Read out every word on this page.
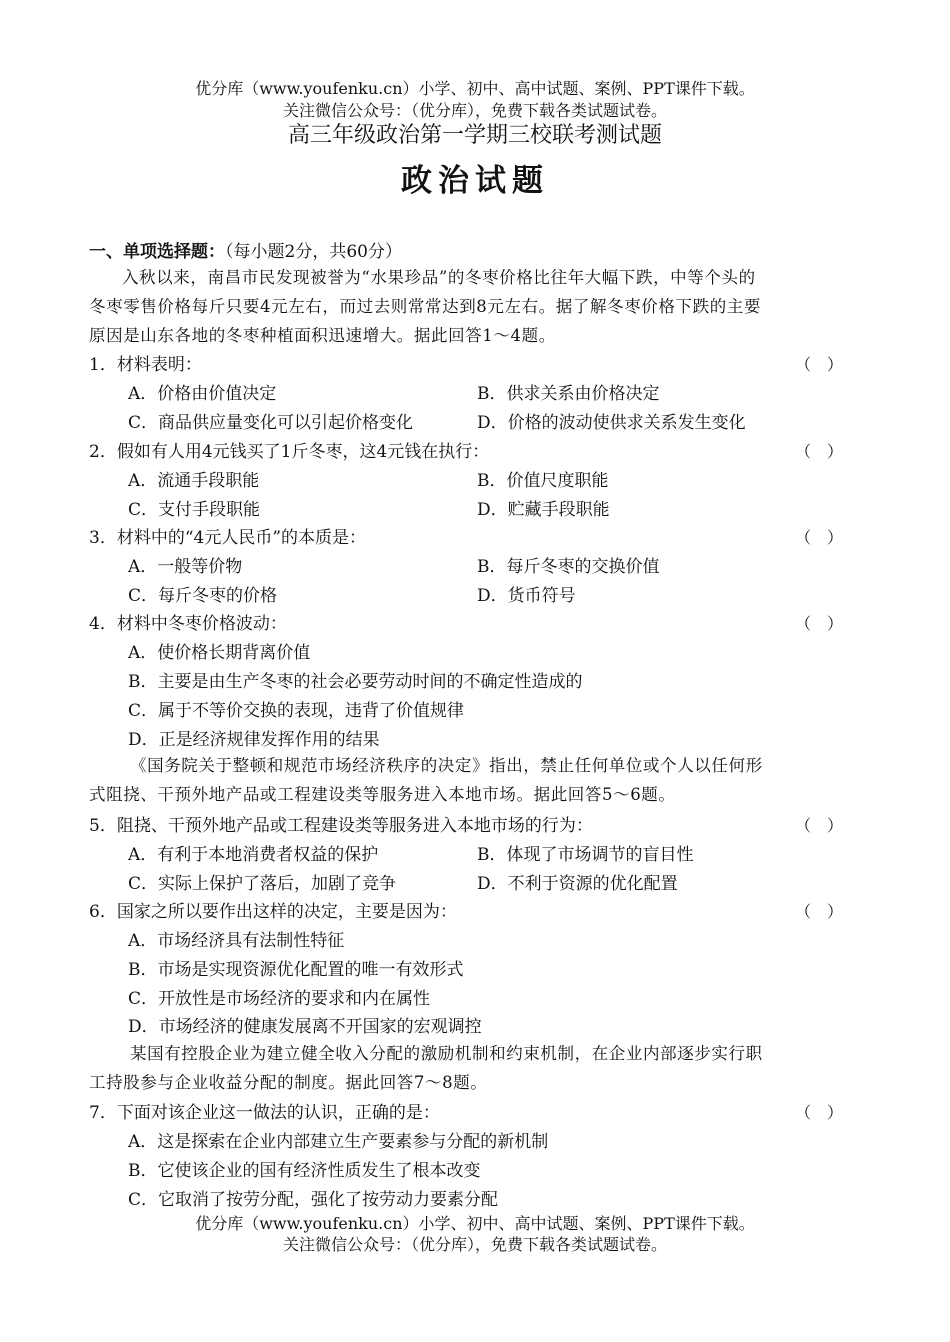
优分库（www.youfenku.cn）小学、初中、高中试题、案例、PPT课件下载。
关注微信公众号：（优分库），免费下载各类试题试卷。
高三年级政治第一学期三校联考测试题
政治试题
一、单项选择题：（每小题2分，共60分）
入秋以来，南昌市民发现被誉为“水果珍品”的冬枣价格比往年大幅下跌，中等个头的
冬枣零售价格每斤只要4元左右，而过去则常常达到8元左右。据了解冬枣价格下跌的主要
原因是山东各地的冬枣种植面积迅速增大。据此回答1～4题。
1．材料表明：	（　）
A．价格由价值决定	B．供求关系由价格决定
C．商品供应量变化可以引起价格变化	D．价格的波动使供求关系发生变化
2．假如有人用4元钱买了1斤冬枣，这4元钱在执行：	（　）
A．流通手段职能	B．价值尺度职能
C．支付手段职能	D．贮藏手段职能
3．材料中的“4元人民币”的本质是：	（　）
A．一般等价物	B．每斤冬枣的交换价值
C．每斤冬枣的价格	D．货币符号
4．材料中冬枣价格波动：	（　）
A．使价格长期背离价值
B．主要是由生产冬枣的社会必要劳动时间的不确定性造成的
C．属于不等价交换的表现，违背了价值规律
D．正是经济规律发挥作用的结果
《国务院关于整顿和规范市场经济秩序的决定》指出，禁止任何单位或个人以任何形
式阻挠、干预外地产品或工程建设类等服务进入本地市场。据此回答5～6题。
5．阻挠、干预外地产品或工程建设类等服务进入本地市场的行为：	（　）
A．有利于本地消费者权益的保护	B．体现了市场调节的盲目性
C．实际上保护了落后，加剧了竞争	D．不利于资源的优化配置
6．国家之所以要作出这样的决定，主要是因为：	（　）
A．市场经济具有法制性特征
B．市场是实现资源优化配置的唯一有效形式
C．开放性是市场经济的要求和内在属性
D．市场经济的健康发展离不开国家的宏观调控
某国有控股企业为建立健全收入分配的激励机制和约束机制，在企业内部逐步实行职
工持股参与企业收益分配的制度。据此回答7～8题。
7．下面对该企业这一做法的认识，正确的是：	（　）
A．这是探索在企业内部建立生产要素参与分配的新机制
B．它使该企业的国有经济性质发生了根本改变
C．它取消了按劳分配，强化了按劳动力要素分配
优分库（www.youfenku.cn）小学、初中、高中试题、案例、PPT课件下载。
关注微信公众号：（优分库），免费下载各类试题试卷。
